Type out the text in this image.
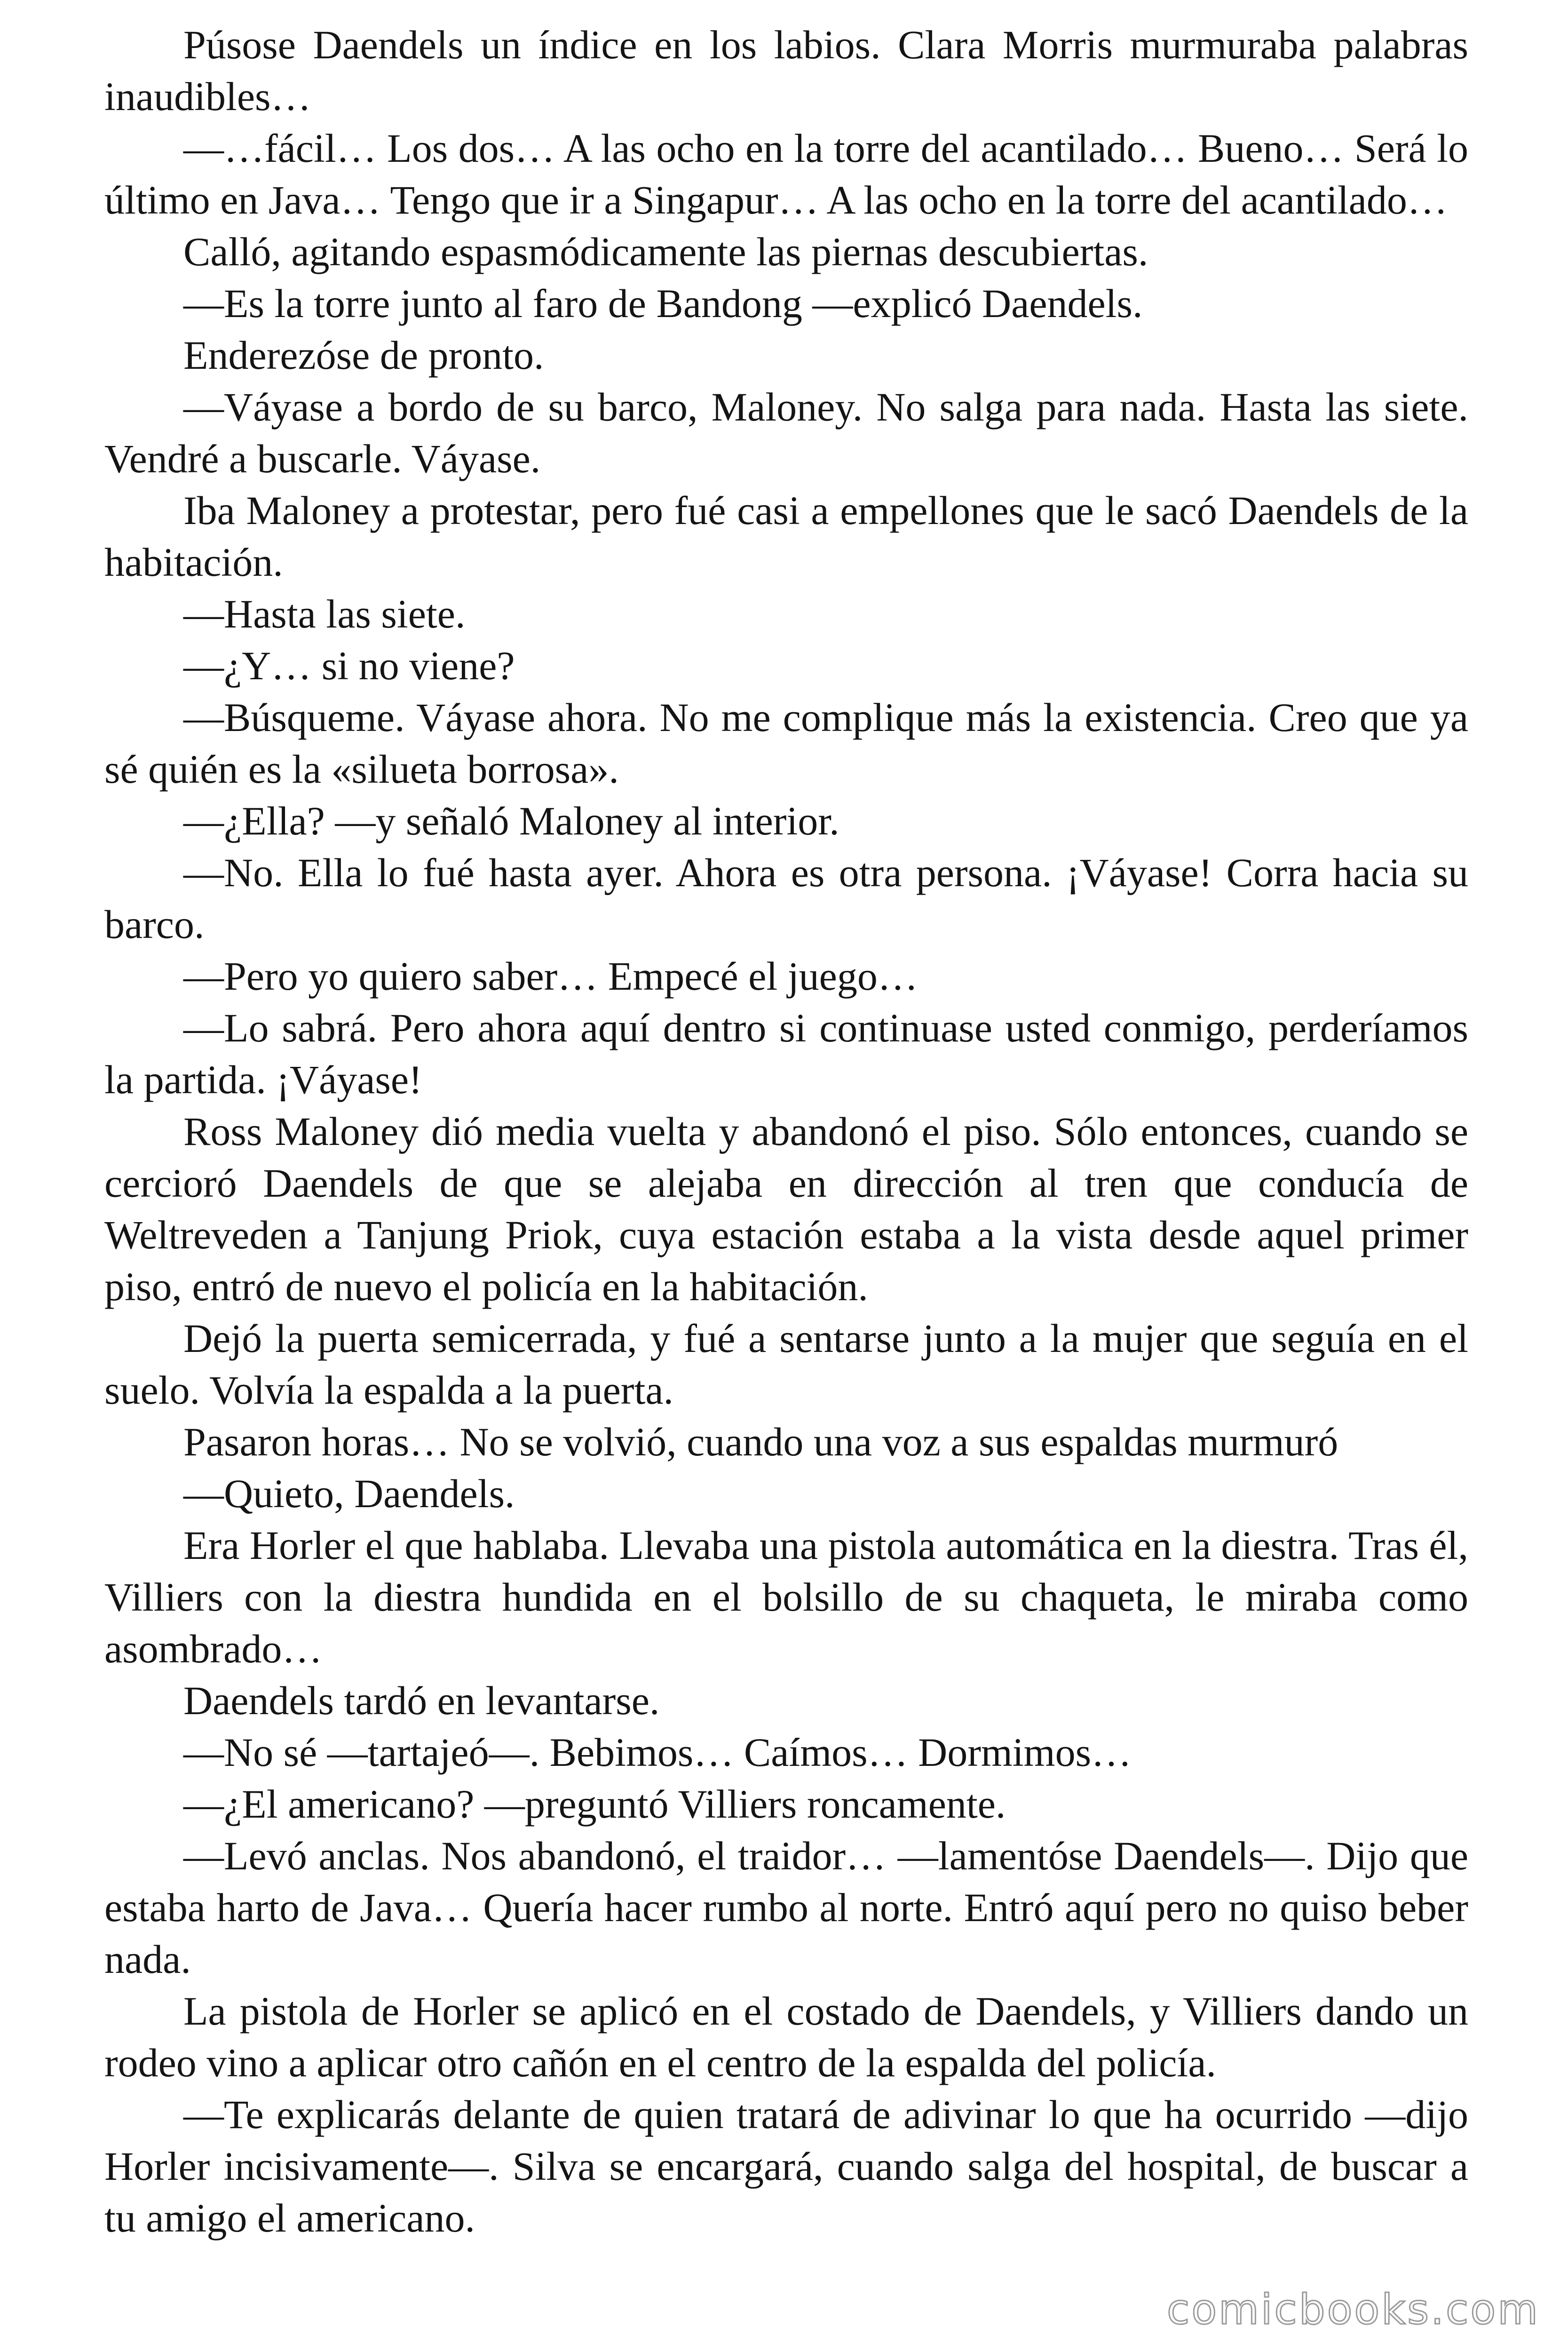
Púsose Daendels un índice en los labios. Clara Morris murmuraba palabras inaudibles…

—…fácil… Los dos… A las ocho en la torre del acantilado… Bueno… Será lo último en Java… Tengo que ir a Singapur… A las ocho en la torre del acantilado…

Calló, agitando espasmódicamente las piernas descubiertas.

—Es la torre junto al faro de Bandong —explicó Daendels.

Enderezóse de pronto.

—Váyase a bordo de su barco, Maloney. No salga para nada. Hasta las siete. Vendré a buscarle. Váyase.

Iba Maloney a protestar, pero fué casi a empellones que le sacó Daendels de la habitación.

—Hasta las siete.

—¿Y… si no viene?

—Búsqueme. Váyase ahora. No me complique más la existencia. Creo que ya sé quién es la «silueta borrosa».

—¿Ella? —y señaló Maloney al interior.

—No. Ella lo fué hasta ayer. Ahora es otra persona. ¡Váyase! Corra hacia su barco.

—Pero yo quiero saber… Empecé el juego…

—Lo sabrá. Pero ahora aquí dentro si continuase usted conmigo, perderíamos la partida. ¡Váyase!

Ross Maloney dió media vuelta y abandonó el piso. Sólo entonces, cuando se cercioró Daendels de que se alejaba en dirección al tren que conducía de Weltreveden a Tanjung Priok, cuya estación estaba a la vista desde aquel primer piso, entró de nuevo el policía en la habitación.

Dejó la puerta semicerrada, y fué a sentarse junto a la mujer que seguía en el suelo. Volvía la espalda a la puerta.

Pasaron horas… No se volvió, cuando una voz a sus espaldas murmuró

—Quieto, Daendels.

Era Horler el que hablaba. Llevaba una pistola automática en la diestra. Tras él, Villiers con la diestra hundida en el bolsillo de su chaqueta, le miraba como asombrado…

Daendels tardó en levantarse.

—No sé —tartajeó—. Bebimos… Caímos… Dormimos…

—¿El americano? —preguntó Villiers roncamente.

—Levó anclas. Nos abandonó, el traidor… —lamentóse Daendels—. Dijo que estaba harto de Java… Quería hacer rumbo al norte. Entró aquí pero no quiso beber nada.

La pistola de Horler se aplicó en el costado de Daendels, y Villiers dando un rodeo vino a aplicar otro cañón en el centro de la espalda del policía.

—Te explicarás delante de quien tratará de adivinar lo que ha ocurrido —dijo Horler incisivamente—. Silva se encargará, cuando salga del hospital, de buscar a tu amigo el americano.

comicbooks.com
